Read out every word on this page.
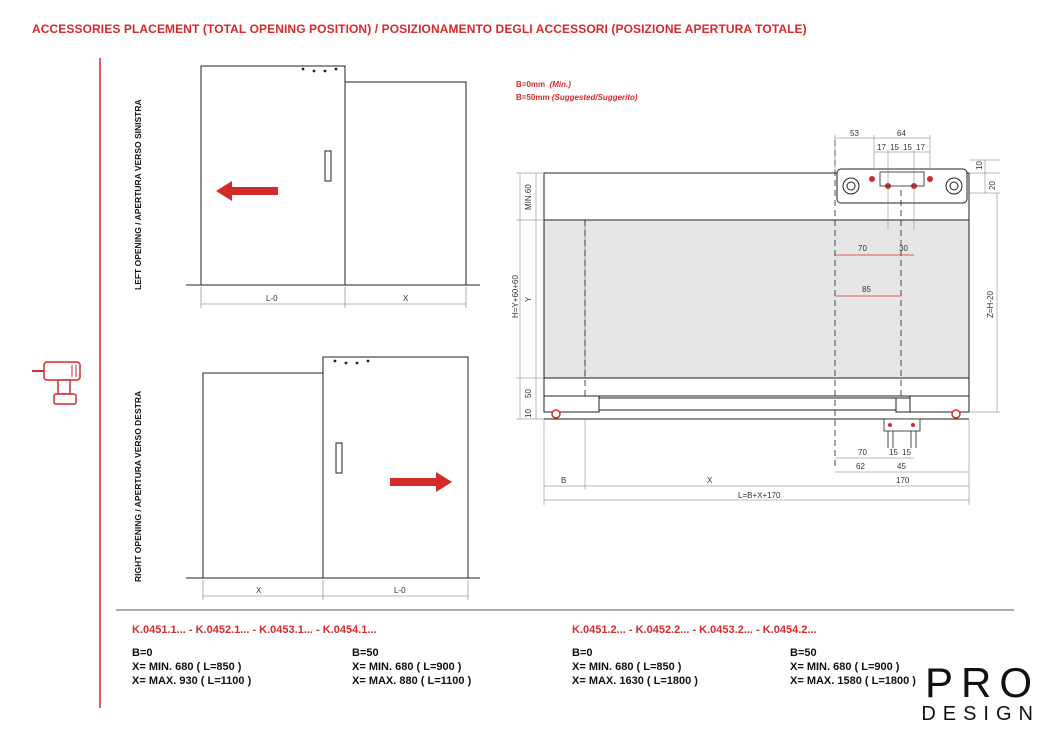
ACCESSORIES PLACEMENT (TOTAL OPENING POSITION) / POSIZIONAMENTO DEGLI ACCESSORI (POSIZIONE APERTURA TOTALE)
LEFT OPENING / APERTURA VERSO SINISTRA
RIGHT OPENING / APERTURA VERSO DESTRA
L-0	X
X	L-0
B=0mm (Min.)
B=50mm (Suggested/Suggerito)
53	64
17 15 15 17
10
20
MIN.60
H=Y+60+60 Y	Z=H-20
70	30
85
50
10
70	15 15
62	45
B	X	170
L=B+X+170
K.0451.1... - K.0452.1... - K.0453.1... - K.0454.1...
B=0
X= MIN. 680 ( L=850 )
X= MAX. 930 ( L=1100 )
B=50
X= MIN. 680 ( L=900 )
X= MAX. 880 ( L=1100 )
K.0451.2... - K.0452.2... - K.0453.2... - K.0454.2...
B=0
X= MIN. 680 ( L=850 )
X= MAX. 1630 ( L=1800 )
B=50
X= MIN. 680 ( L=900 )
X= MAX. 1580 ( L=1800 ) PRO
DESIGN
